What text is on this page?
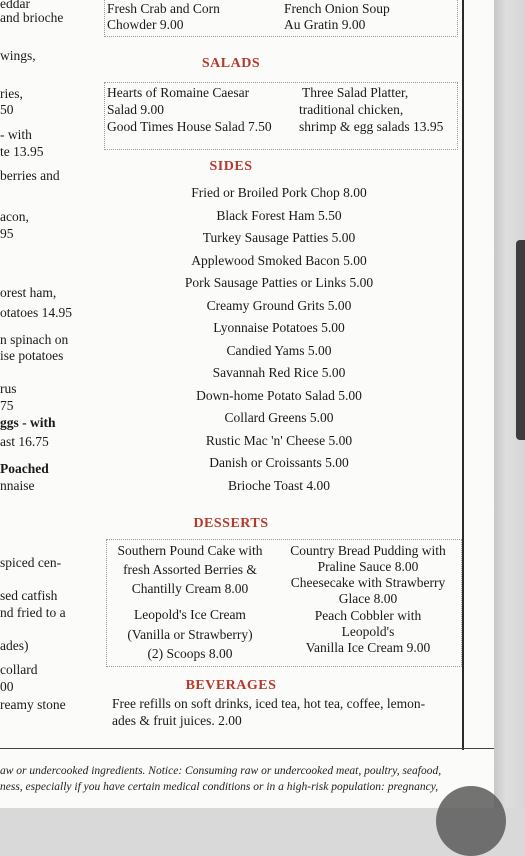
eddar
and brioche
wings,
ries,
50
- with
te 13.95
berries and
acon,
95
orest ham,
otatoes 14.95
n spinach on
ise potatoes
rus
75
ggs - with
ast 16.75
Poached
nnaise
spiced cen-
sed catfish
nd fried to a
ades)
collard
00
reamy stone
Fresh Crab and Corn
Chowder 9.00
French Onion Soup
Au Gratin 9.00
SALADS
Hearts of Romaine Caesar
Salad 9.00
Good Times House Salad 7.50
Three Salad Platter,
traditional chicken,
shrimp & egg salads 13.95
SIDES
Fried or Broiled Pork Chop 8.00
Black Forest Ham 5.50
Turkey Sausage Patties 5.00
Applewood Smoked Bacon 5.00
Pork Sausage Patties or Links 5.00
Creamy Ground Grits 5.00
Lyonnaise Potatoes 5.00
Candied Yams 5.00
Savannah Red Rice 5.00
Down-home Potato Salad 5.00
Collard Greens 5.00
Rustic Mac 'n' Cheese 5.00
Danish or Croissants 5.00
Brioche Toast 4.00
DESSERTS
Southern Pound Cake with
fresh Assorted Berries &
Chantilly Cream 8.00
Leopold's Ice Cream
(Vanilla or Strawberry)
(2) Scoops 8.00
Country Bread Pudding with
Praline Sauce 8.00
Cheesecake with Strawberry
Glace 8.00
Peach Cobbler with
Leopold's
Vanilla Ice Cream 9.00
BEVERAGES
Free refills on soft drinks, iced tea, hot tea, coffee, lemon-
ades & fruit juices. 2.00
aw or undercooked ingredients. Notice: Consuming raw or undercooked meat, poultry, seafood,
ness, especially if you have certain medical conditions or in a high-risk population: pregnancy,
